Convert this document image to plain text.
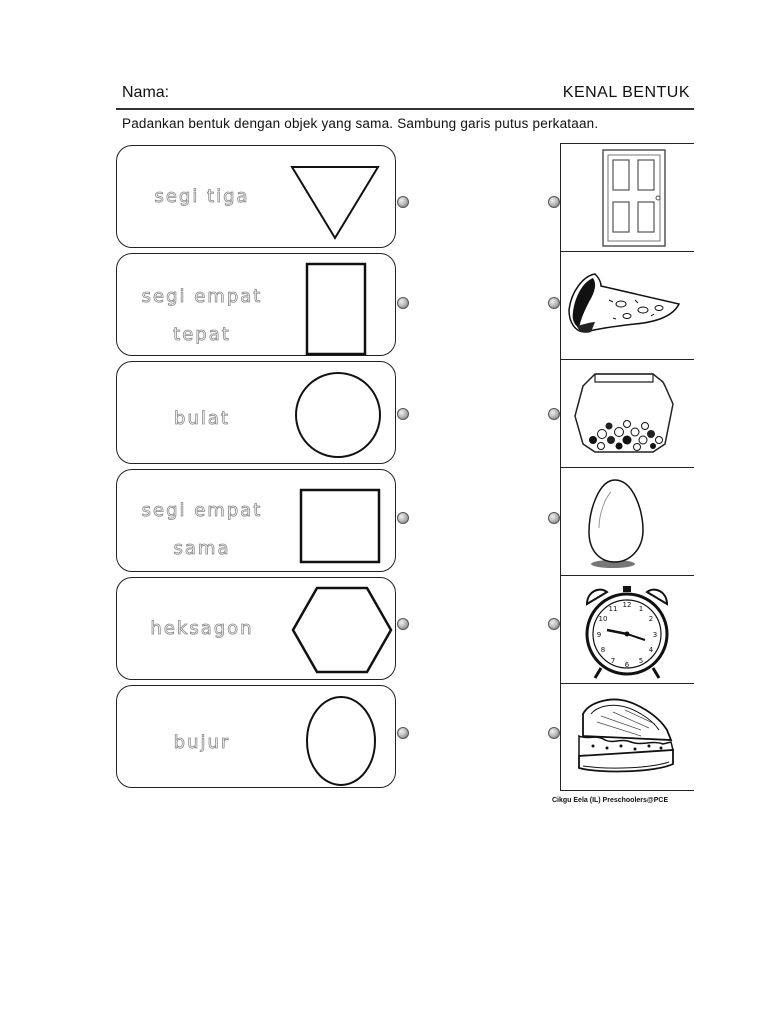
Nama:	KENAL BENTUK
Padankan bentuk dengan objek yang sama. Sambung garis putus perkataan.
segi tiga
segi empat
tepat
bulat
segi empat
sama
heksagon
bujur
12 1
2
3
4
5
6
7
8
9
10
11
Cikgu Eela (IL) Preschoolers@PCE
